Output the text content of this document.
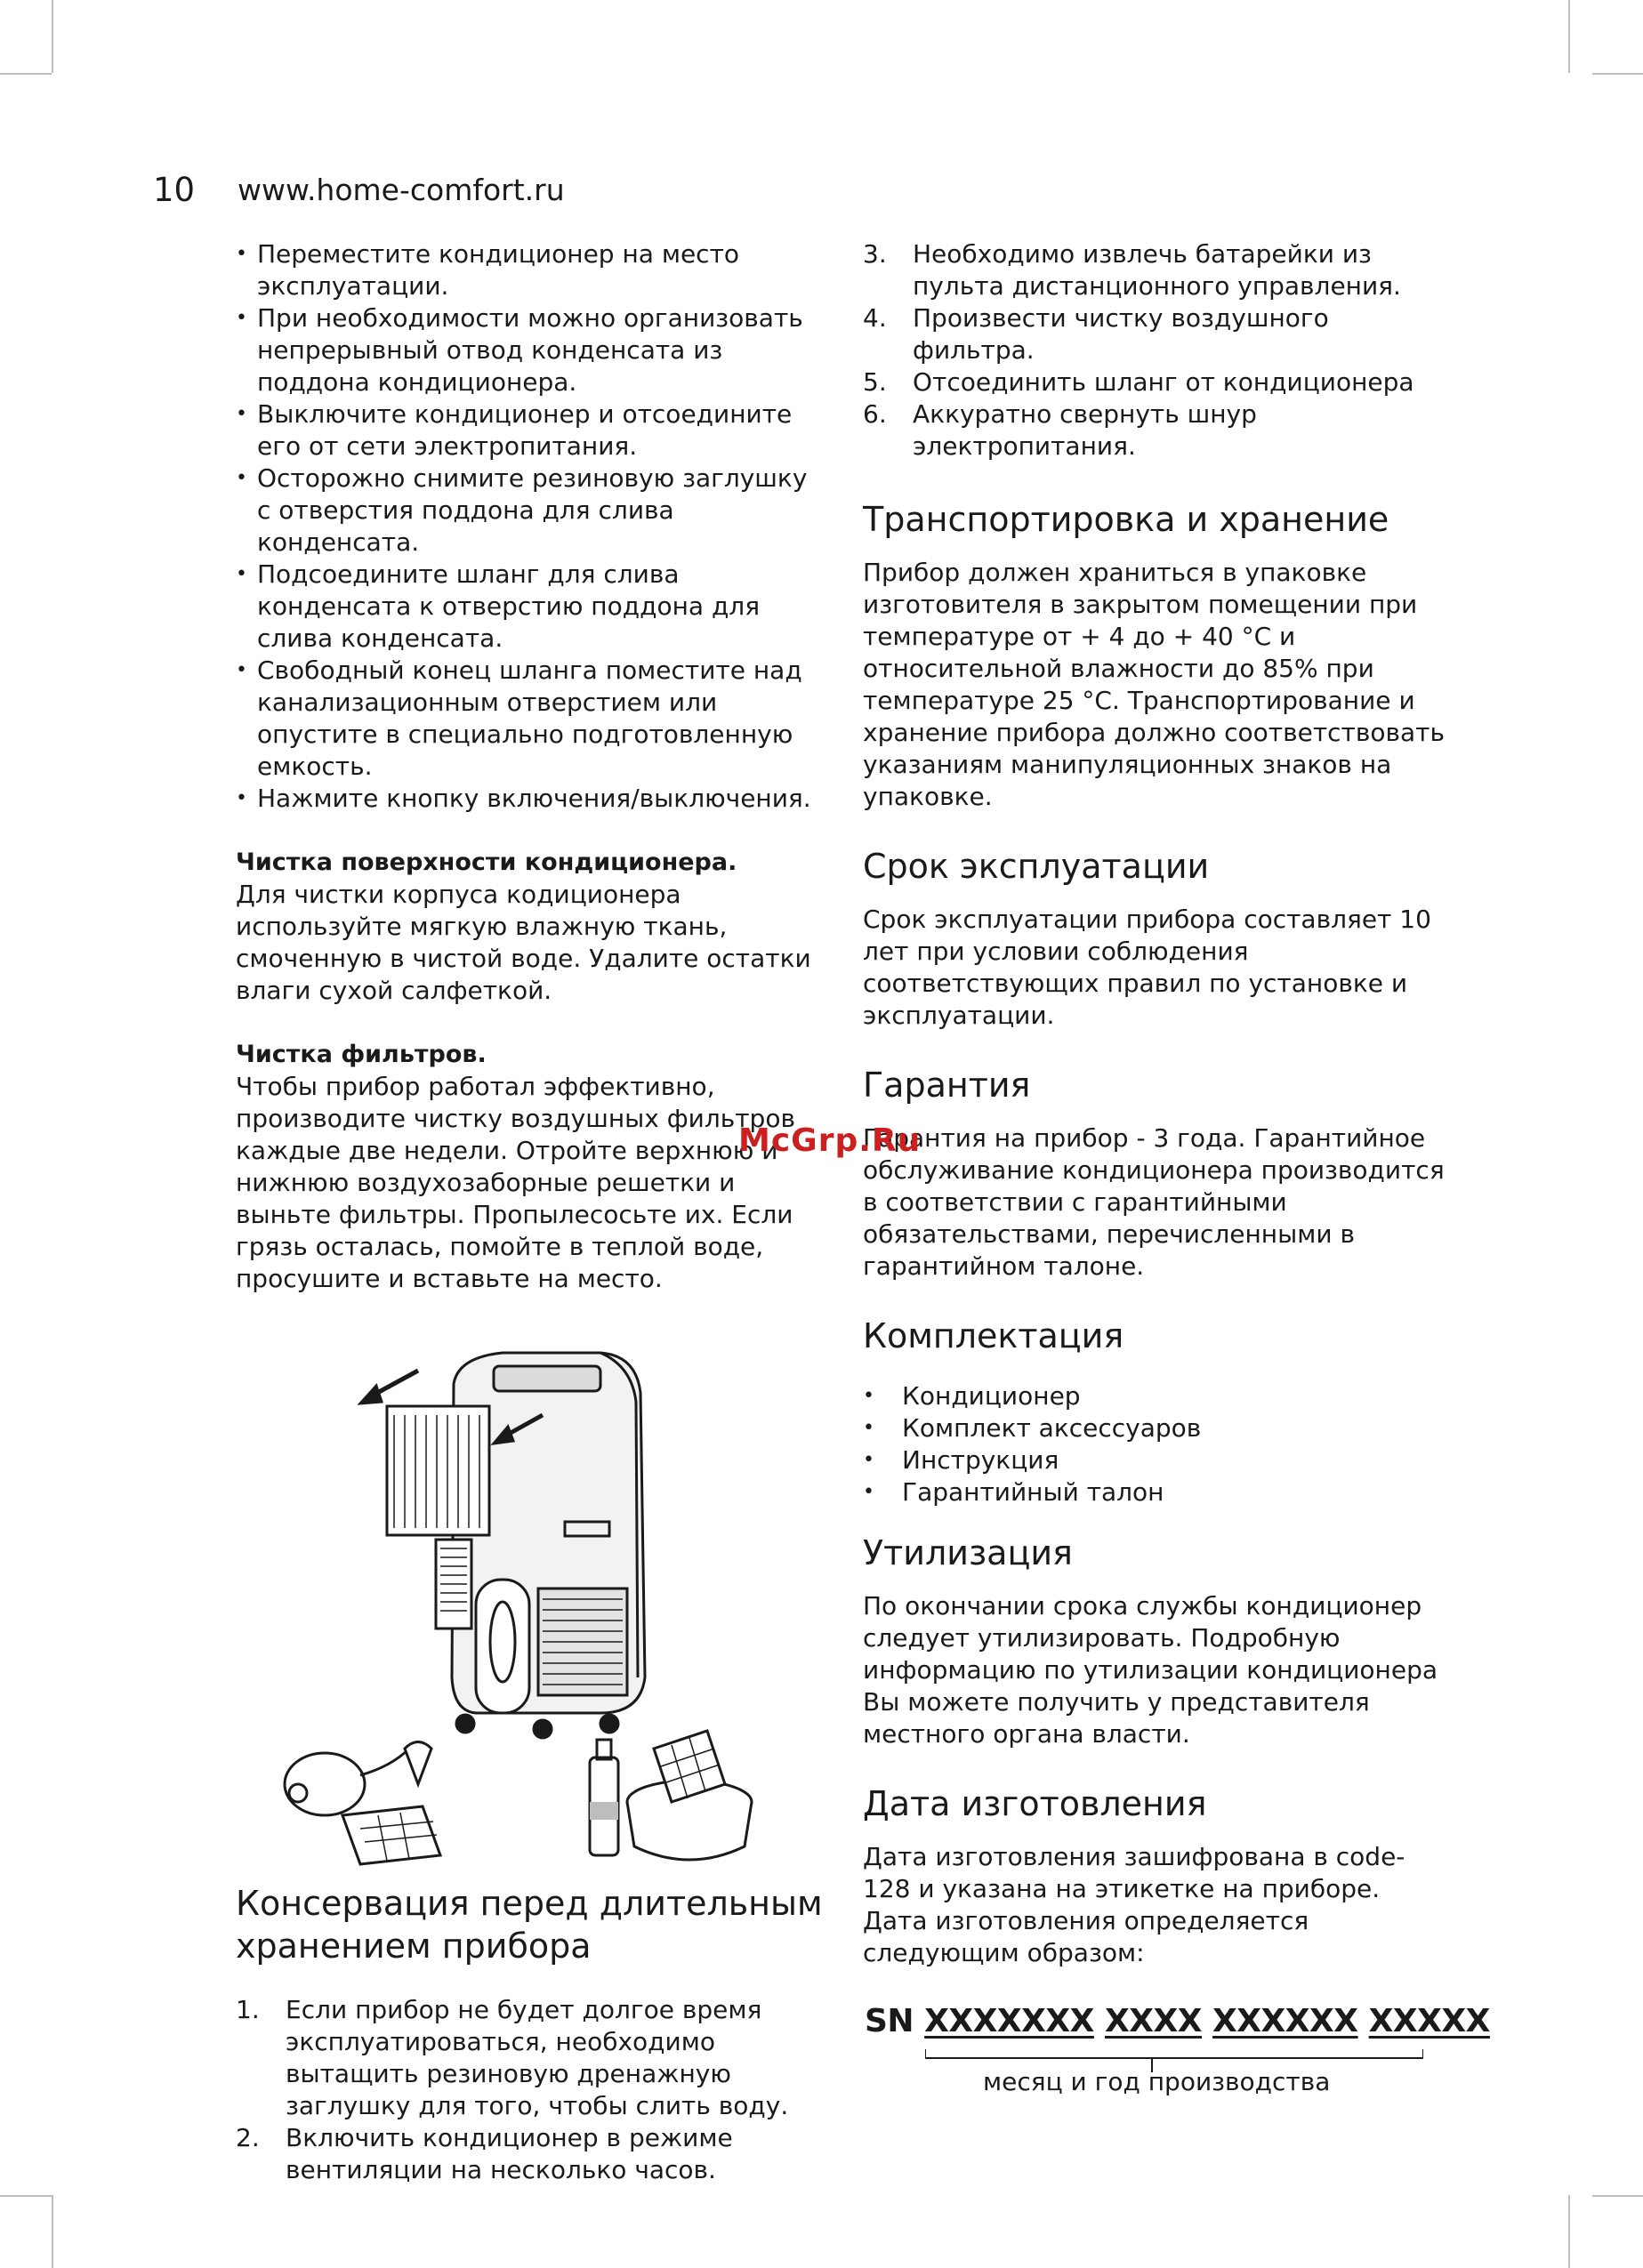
10	www.home-comfort.ru

• Переместите кондиционер на место эксплуатации.

• При необходимости можно организовать непрерывный отвод конденсата из поддона кондиционера.

• Выключите кондиционер и отсоедините его от сети электропитания.

• Осторожно снимите резиновую заглушку с отверстия поддона для слива конденсата.

• Подсоедините шланг для слива конденсата к отверстию поддона для слива конденсата.

• Свободный конец шланга поместите над канализационным отверстием или опустите в специально подготовленную емкость.

• Нажмите кнопку включения/выключения.

Чистка поверхности кондиционера.

Для чистки корпуса кодиционера используйте мягкую влажную ткань, смоченную в чистой воде. Удалите остатки влаги сухой салфеткой.

Чистка фильтров.

Чтобы прибор работал эффективно, производите чистку воздушных фильтров каждые две недели. Отройте верхнюю и нижнюю воздухозаборные решетки и выньте фильтры. Пропылесосьте их. Если грязь осталась, помойте в теплой воде, просушите и вставьте на место.

Консервация перед длительным хранением прибора
1.	Если прибор не будет долгое время эксплуатироваться, необходимо вытащить резиновую дренажную заглушку для того, чтобы слить воду.
2.	Включить кондиционер в режиме вентиляции на несколько часов.
3.	Необходимо извлечь батарейки из пульта дистанционного управления.
4.	Произвести чистку воздушного фильтра.
5.	Отсоединить шланг от кондиционера
6.	Аккуратно свернуть шнур электропитания.
Транспортировка и хранение

Прибор должен храниться в упаковке изготовителя в закрытом помещении при температуре от + 4 до + 40 °С и относительной влажности до 85% при температуре 25 °С. Транспортирование и хранение прибора должно соответствовать указаниям манипуляционных знаков на упаковке.

Срок эксплуатации

Срок эксплуатации прибора составляет 10 лет при условии соблюдения соответствующих правил по установке и эксплуатации.

Гарантия

Гарантия на прибор - 3 года. Гарантийное обслуживание кондиционера производится в соответствии с гарантийными обязательствами, перечисленными в гарантийном талоне.

Комплектация
•	Кондиционер
•	Комплект аксессуаров
•	Инструкция
•	Гарантийный талон
Утилизация

По окончании срока службы кондиционер следует утилизировать. Подробную информацию по утилизации кондиционера Вы можете получить у представителя местного органа власти.

Дата изготовления

Дата изготовления зашифрована в code-128 и указана на этикетке на приборе. Дата изготовления определяется следующим образом:

SN XXXXXXX XXXX XXXXXX XXXXX
месяц и год производства
McGrp.Ru
